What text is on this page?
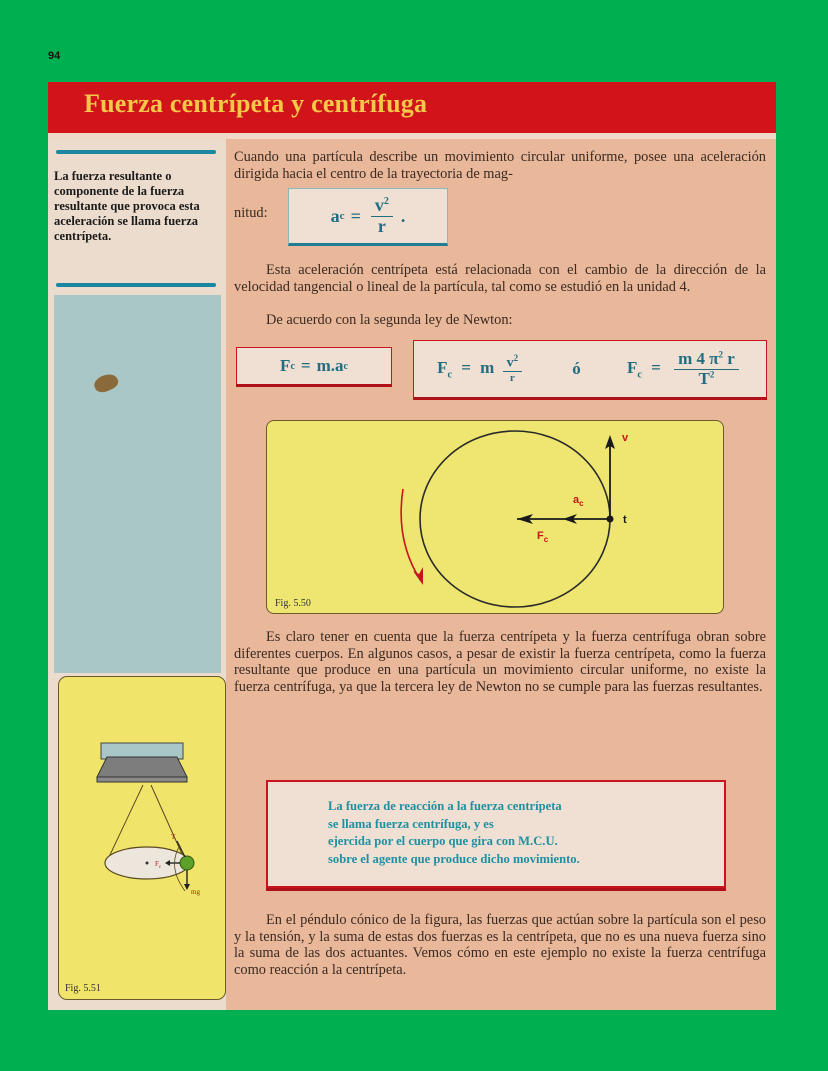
94
Fuerza centrípeta y centrífuga
La fuerza resultante o componente de la fuerza resultante que provoca esta aceleración se llama fuerza centrípeta.
T
$F_c$
mg
Fig. 5.51
Cuando una partícula describe un movimiento circular uniforme, posee una aceleración dirigida hacia el centro de la trayectoria de mag-
nitud:	a $c = \frac{v^2}{r}$ .
Esta aceleración centrípeta está relacionada con el cambio de la dirección de la velocidad tangencial o lineal de la partícula, tal como se estudió en la unidad 4.
De acuerdo con la segunda ley de Newton:
F c = m.a c	$F_c = m \frac{v^2}{r}$	ó	$F_c = \frac{m 4 \pi^2 r}{T^2}$
v
$a_c$
$F_c$
t
Fig. 5.50
Es claro tener en cuenta que la fuerza centrípeta y la fuerza centrífuga obran sobre diferentes cuerpos. En algunos casos, a pesar de existir la fuerza centrípeta, como la fuerza resultante que produce en una partícula un movimiento circular uniforme, no existe la fuerza centrífuga, ya que la tercera ley de Newton no se cumple para las fuerzas resultantes.

La fuerza de reacción a la fuerza centrípeta
se llama fuerza centrífuga, y es
ejercida por el cuerpo que gira con M.C.U.
sobre el agente que produce dicho movimiento.

En el péndulo cónico de la figura, las fuerzas que actúan sobre la partícula son el peso y la tensión, y la suma de estas dos fuerzas es la centrípeta, que no es una nueva fuerza sino la suma de las dos actuantes. Vemos cómo en este ejemplo no existe la fuerza centrífuga como reacción a la centrípeta.
